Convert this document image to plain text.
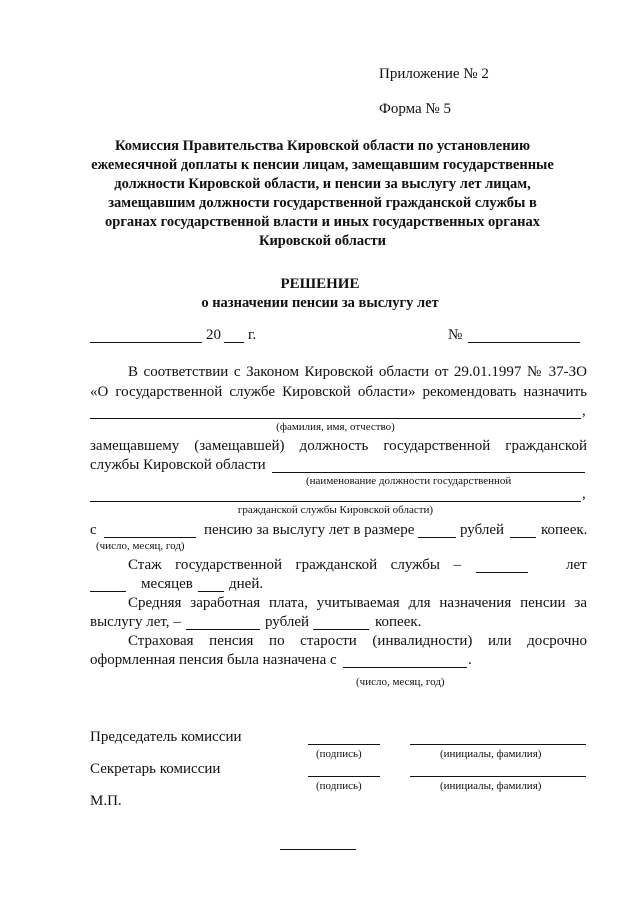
Приложение № 2
Форма № 5
Комиссия Правительства Кировской области по установлению
ежемесячной доплаты к пенсии лицам, замещавшим государственные
должности Кировской области, и пенсии за выслугу лет лицам,
замещавшим должности государственной гражданской службы в
органах государственной власти и иных государственных органах
Кировской области
РЕШЕНИЕ
о назначении пенсии за выслугу лет
20 г.	№
В соответствии с Законом Кировской области от 29.01.1997 № 37-ЗО
«О государственной службе Кировской области» рекомендовать назначить
,
(фамилия, имя, отчество)
замещавшему (замещавшей) должность государственной гражданской
службы Кировской области
(наименование должности государственной
,
гражданской службы Кировской области)
с	пенсию за выслугу лет в размере	рублей копеек.
(число, месяц, год)
Стаж государственной гражданской службы –	лет
месяцев дней.
Средняя заработная плата, учитываемая для назначения пенсии за
выслугу лет, –	рублей	копеек.
Страховая пенсия по старости (инвалидности) или досрочно
оформленная пенсия была назначена с	.
(число, месяц, год)
Председатель комиссии
(подпись)	(инициалы, фамилия)
Секретарь комиссии
(подпись)	(инициалы, фамилия)
М.П.
